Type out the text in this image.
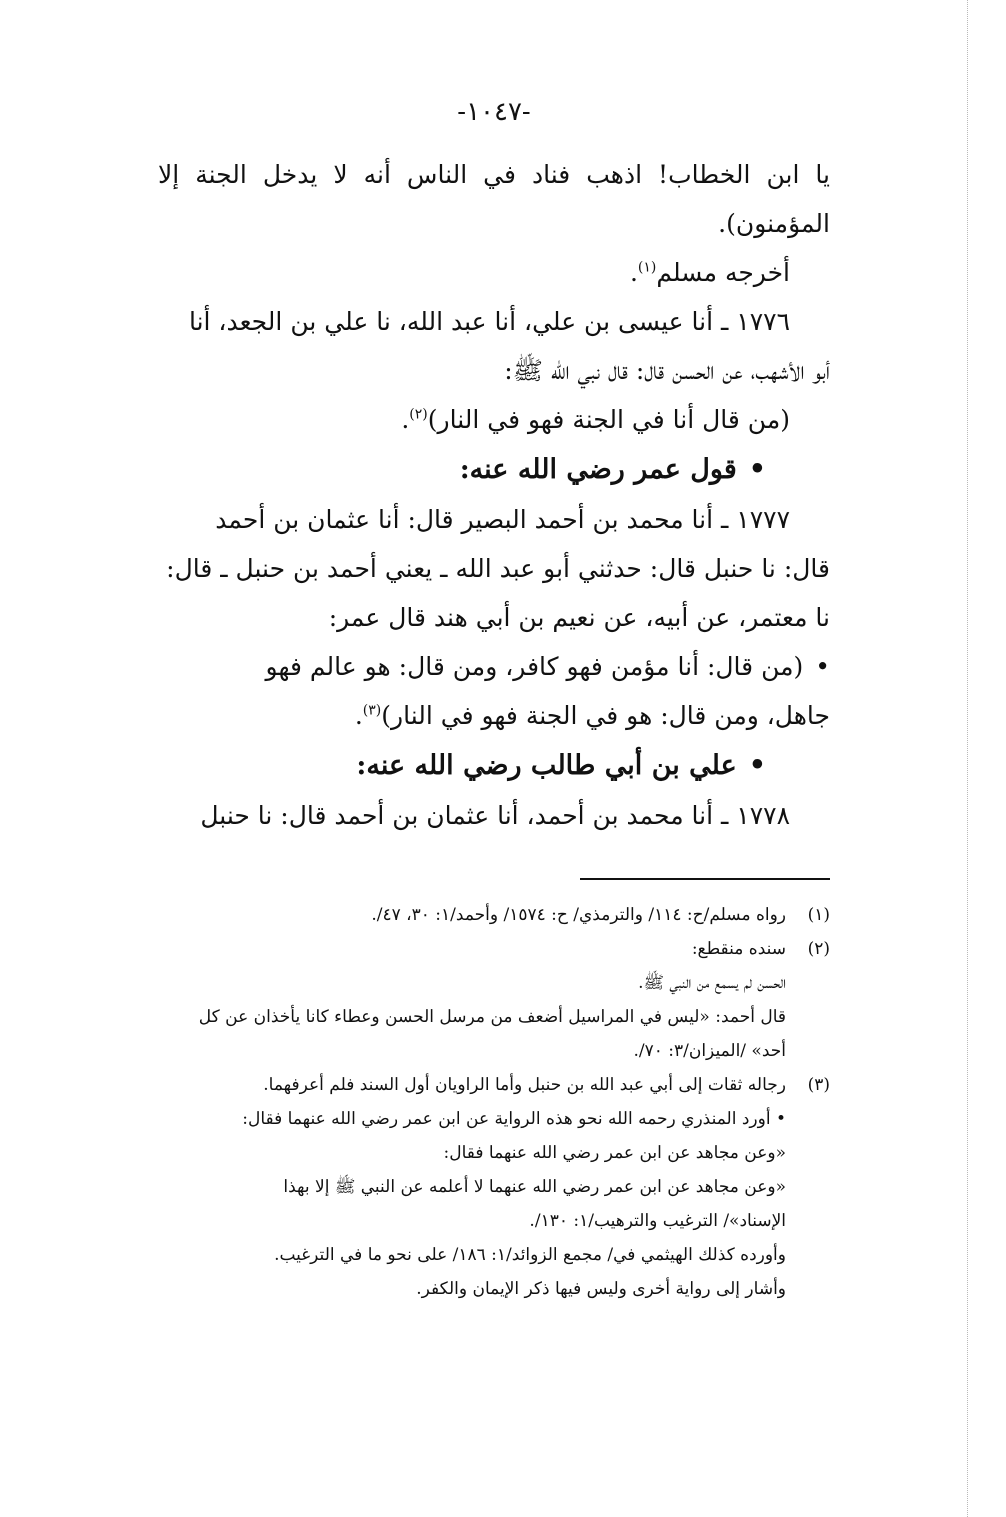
-١٠٤٧-

يا ابن الخطاب! اذهب فناد في الناس أنه لا يدخل الجنة إلا المؤمنون).

أخرجه مسلم$^{(١)}$.

١٧٧٦ ـ أنا عيسى بن علي، أنا عبد الله، نا علي بن الجعد، أنا

أبو الأشهب، عن الحسن قال: قال نبي الله ﷺ:

(من قال أنا في الجنة فهو في النار)$^{(٢)}$.

•قول عمر رضي الله عنه:

١٧٧٧ ـ أنا محمد بن أحمد البصير قال: أنا عثمان بن أحمد

قال: نا حنبل قال: حدثني أبو عبد الله ـ يعني أحمد بن حنبل ـ قال:

نا معتمر، عن أبيه، عن نعيم بن أبي هند قال عمر:

•(من قال: أنا مؤمن فهو كافر، ومن قال: هو عالم فهو

جاهل، ومن قال: هو في الجنة فهو في النار)$^{(٣)}$.

•علي بن أبي طالب رضي الله عنه:

١٧٧٨ ـ أنا محمد بن أحمد، أنا عثمان بن أحمد قال: نا حنبل

(١)
رواه مسلم/ح: ١١٤/ والترمذي/ ح: ١٥٧٤/ وأحمد/١: ٣٠، ٤٧/.
(٢)
سنده منقطع:
الحسن لم يسمع من النبي ﷺ.
قال أحمد: «ليس في المراسيل أضعف من مرسل الحسن وعطاء كانا يأخذان عن كل
أحد» /الميزان/٣: ٧٠/.
(٣)
رجاله ثقات إلى أبي عبد الله بن حنبل وأما الراويان أول السند فلم أعرفهما.
• أورد المنذري رحمه الله نحو هذه الرواية عن ابن عمر رضي الله عنهما فقال:
«وعن مجاهد عن ابن عمر رضي الله عنهما فقال:
«وعن مجاهد عن ابن عمر رضي الله عنهما لا أعلمه عن النبي ﷺ إلا بهذا
الإسناد»/ الترغيب والترهيب/١: ١٣٠/.
وأورده كذلك الهيثمي في/ مجمع الزوائد/١: ١٨٦/ على نحو ما في الترغيب.
وأشار إلى رواية أخرى وليس فيها ذكر الإيمان والكفر.
